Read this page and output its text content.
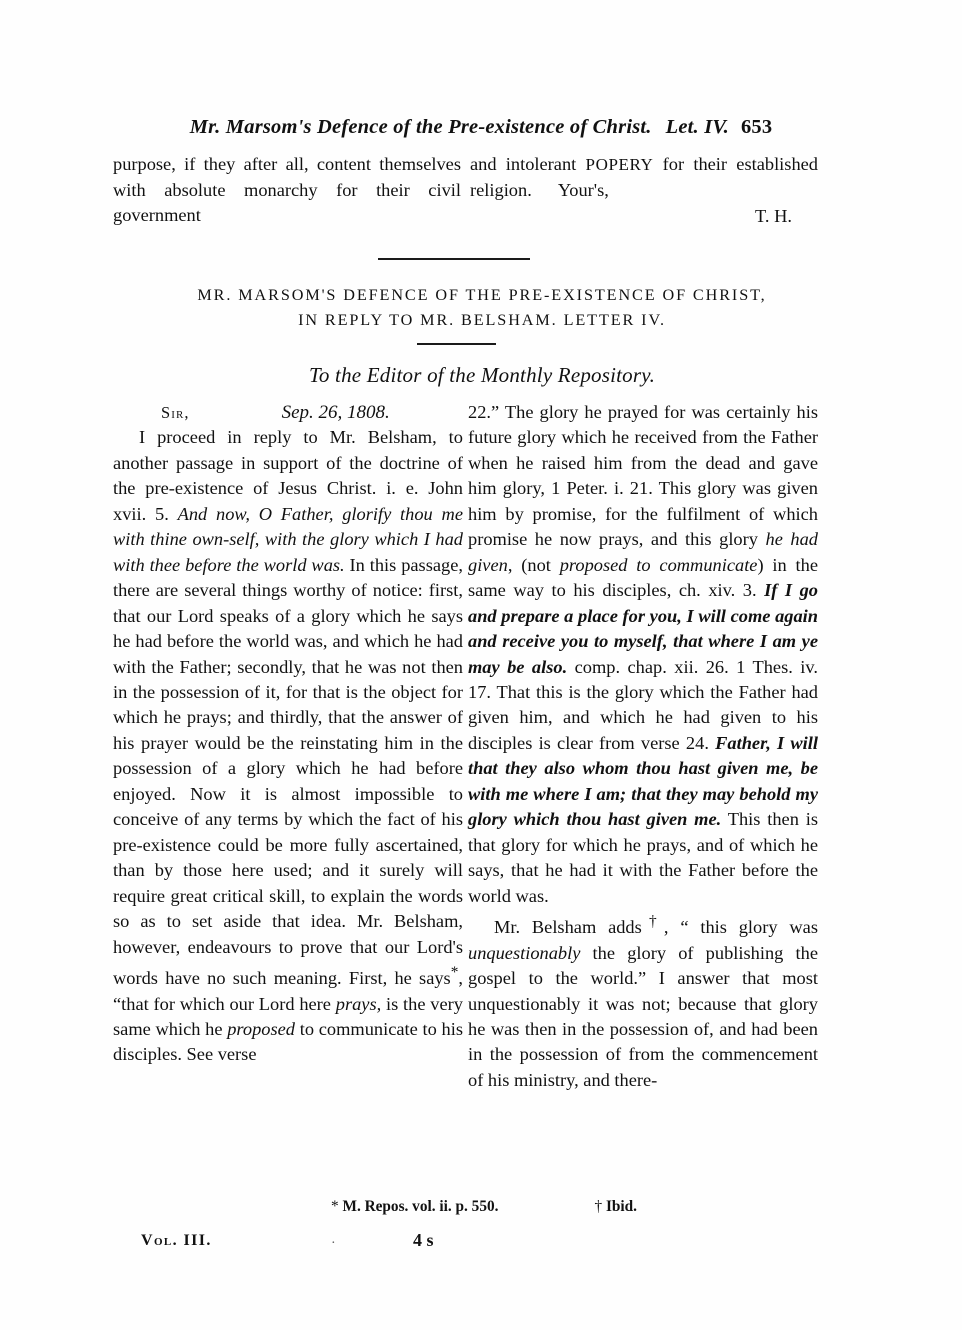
Mr. Marsom's Defence of the Pre-existence of Christ. Let. IV. 653
purpose, if they after all, content themselves with absolute monarchy for their civil government
and intolerant POPERY for their established religion. Your's,
T. H.
MR. MARSOM'S DEFENCE OF THE PRE-EXISTENCE OF CHRIST,
IN REPLY TO MR. BELSHAM. LETTER IV.
To the Editor of the Monthly Repository.
Sir,	Sep. 26, 1808.

I proceed in reply to Mr. Belsham, to another passage in support of the doctrine of the pre-existence of Jesus Christ. i. e. John xvii. 5. And now, O Father, glorify thou me with thine own-self, with the glory which I had with thee before the world was. In this passage, there are several things worthy of notice: first, that our Lord speaks of a glory which he says he had before the world was, and which he had with the Father; secondly, that he was not then in the possession of it, for that is the object for which he prays; and thirdly, that the answer of his prayer would be the reinstating him in the possession of a glory which he had before enjoyed. Now it is almost impossible to conceive of any terms by which the fact of his pre-existence could be more fully ascertained, than by those here used; and it surely will require great critical skill, to explain the words so as to set aside that idea. Mr. Belsham, however, endeavours to prove that our Lord's words have no such meaning. First, he says*, “that for which our Lord here prays, is the very same which he proposed to communicate to his disciples. See verse

22.” The glory he prayed for was certainly his future glory which he received from the Father when he raised him from the dead and gave him glory, 1 Peter. i. 21. This glory was given him by promise, for the fulfilment of which promise he now prays, and this glory he had given, (not proposed to communicate) in the same way to his disciples, ch. xiv. 3. If I go and prepare a place for you, I will come again and receive you to myself, that where I am ye may be also. comp. chap. xii. 26. 1 Thes. iv. 17. That this is the glory which the Father had given him, and which he had given to his disciples is clear from verse 24. Father, I will that they also whom thou hast given me, be with me where I am; that they may behold my glory which thou hast given me. This then is that glory for which he prays, and of which he says, that he had it with the Father before the world was.

Mr. Belsham adds†, “ this glory was unquestionably the glory of publishing the gospel to the world.” I answer that most unquestionably it was not; because that glory he was then in the possession of, and had been in the possession of from the commencement of his ministry, and there-

* M. Repos. vol. ii. p. 550.	† Ibid.
Vol. III.	·	4 s
